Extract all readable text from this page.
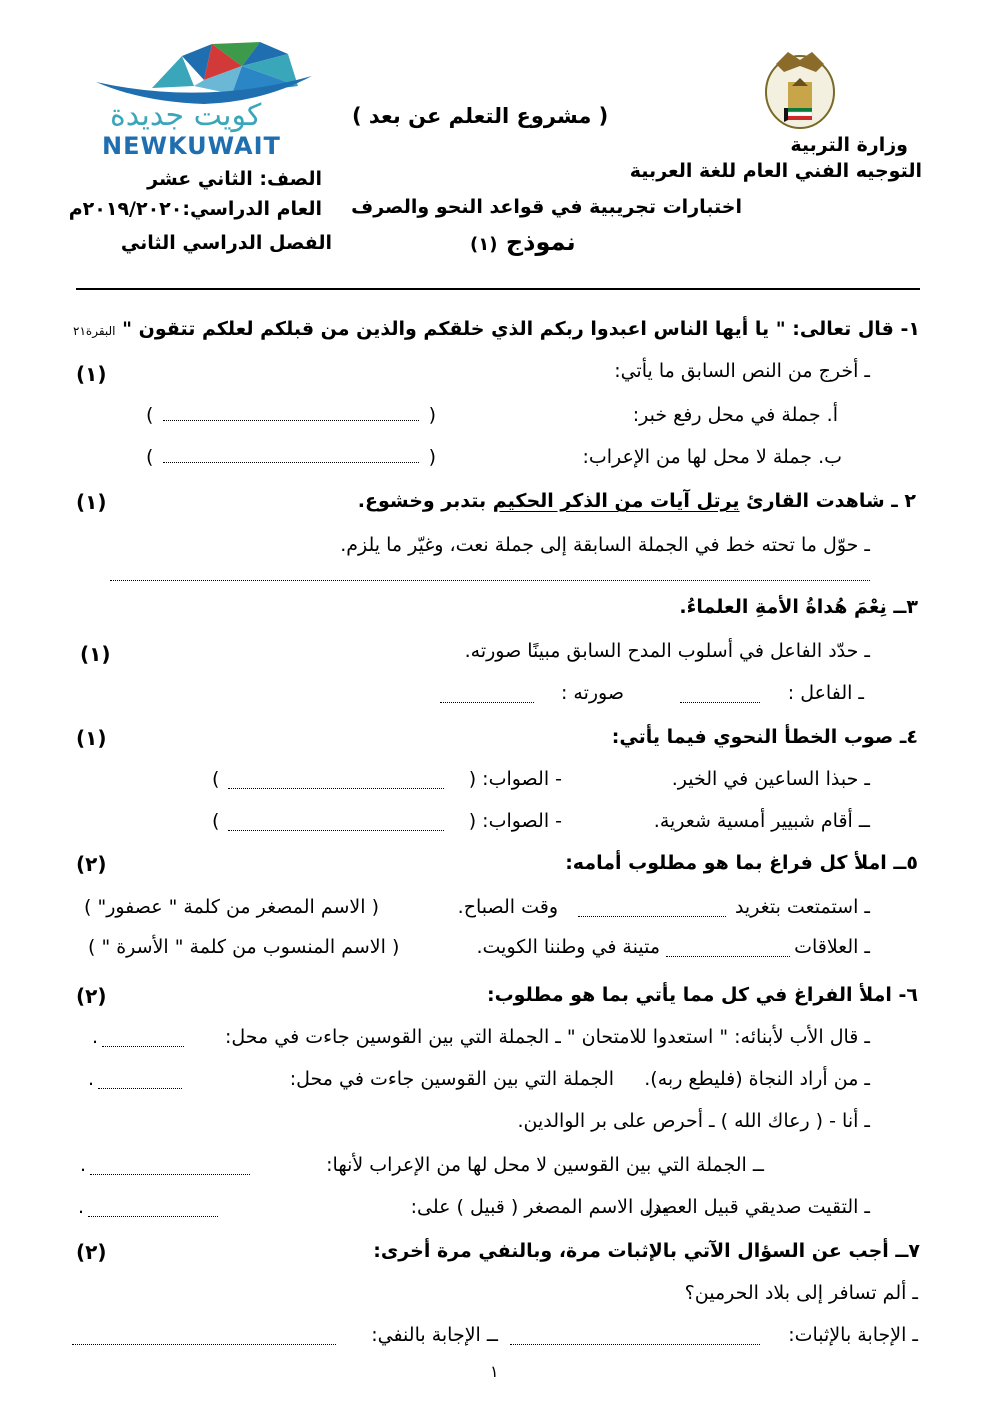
وزارة التربية
التوجيه الفني العام للغة العربية
كويت جديدة
NEWKUWAIT
( مشروع التعلم عن بعد )
اختبارات تجريبية في قواعد النحو والصرف
نموذج (١)
الصف: الثاني عشر
العام الدراسي:٢٠١٩/٢٠٢٠م
الفصل الدراسي الثاني
١- قال تعالى: " يا أيها الناس اعبدوا ربكم الذي خلقكم والذين من قبلكم لعلكم تتقون " البقرة٢١
(١)	ـ أخرج من النص السابق ما يأتي:
أ. جملة في محل رفع خبر:
(
)
ب. جملة لا محل لها من الإعراب:
(
)
٢ ـ شاهدت القارئ يرتل آيات من الذكر الحكيم بتدبر وخشوع.
(١)
ـ حوّل ما تحته خط في الجملة السابقة إلى جملة نعت، وغيّر ما يلزم.
٣ــ نِعْمَ هُداةُ الأمةِ العلماءُ.
(١)	ـ حدّد الفاعل في أسلوب المدح السابق مبينًا صورته.
ـ الفاعل :
صورته :
٤ـ صوب الخطأ النحوي فيما يأتي:
(١)
ـ حبذا الساعين في الخير.
- الصواب: (
)
ــ أقام شبيير أمسية شعرية.
- الصواب: (
)
٥ــ املأ كل فراغ بما هو مطلوب أمامه:
(٢)
ـ استمتعت بتغريد
وقت الصباح.
( الاسم المصغر من كلمة " عصفور" )
ـ العلاقات
متينة في وطننا الكويت.
( الاسم المنسوب من كلمة " الأسرة " )
٦- املأ الفراغ في كل مما يأتي بما هو مطلوب:
(٢)
ـ قال الأب لأبنائه: " استعدوا للامتحان " ـ الجملة التي بين القوسين جاءت في محل:
.
ـ من أراد النجاة (فليطع ربه).
الجملة التي بين القوسين جاءت في محل:
.
ـ أنا - ( رعاك الله ) ـ أحرص على بر الوالدين.
ــ الجملة التي بين القوسين لا محل لها من الإعراب لأنها:
.
ـ التقيت صديقي قبيل العصر.
ـ يدل الاسم المصغر ( قبيل ) على:
.
٧ــ أجب عن السؤال الآتي بالإثبات مرة، وبالنفي مرة أخرى:
(٢)
ـ ألم تسافر إلى بلاد الحرمين؟
ـ الإجابة بالإثبات:
ــ الإجابة بالنفي:
١
